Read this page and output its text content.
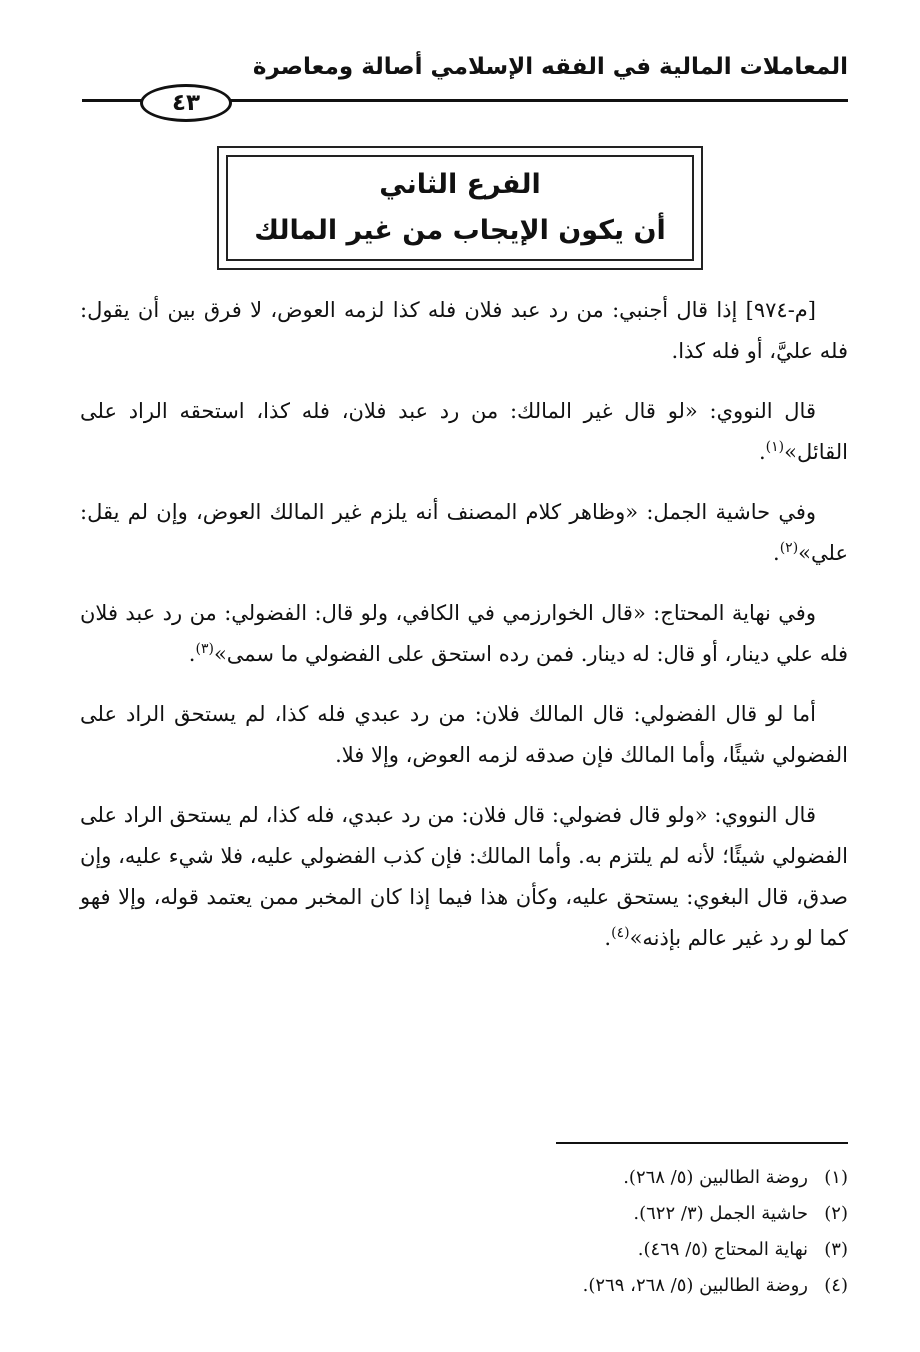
المعاملات المالية في الفقه الإسلامي أصالة ومعاصرة
٤٣
الفرع الثاني
أن يكون الإيجاب من غير المالك

[م-٩٧٤] إذا قال أجنبي: من رد عبد فلان فله كذا لزمه العوض، لا فرق بين أن يقول: فله عليَّ، أو فله كذا.

قال النووي: «لو قال غير المالك: من رد عبد فلان، فله كذا، استحقه الراد على القائل»$^{(١)}$.

وفي حاشية الجمل: «وظاهر كلام المصنف أنه يلزم غير المالك العوض، وإن لم يقل: علي»$^{(٢)}$.

وفي نهاية المحتاج: «قال الخوارزمي في الكافي، ولو قال: الفضولي: من رد عبد فلان فله علي دينار، أو قال: له دينار. فمن رده استحق على الفضولي ما سمى»$^{(٣)}$.

أما لو قال الفضولي: قال المالك فلان: من رد عبدي فله كذا، لم يستحق الراد على الفضولي شيئًا، وأما المالك فإن صدقه لزمه العوض، وإلا فلا.

قال النووي: «ولو قال فضولي: قال فلان: من رد عبدي، فله كذا، لم يستحق الراد على الفضولي شيئًا؛ لأنه لم يلتزم به. وأما المالك: فإن كذب الفضولي عليه، فلا شيء عليه، وإن صدق، قال البغوي: يستحق عليه، وكأن هذا فيما إذا كان المخبر ممن يعتمد قوله، وإلا فهو كما لو رد غير عالم بإذنه»$^{(٤)}$.

(١)روضة الطالبين (٥/ ٢٦٨).
(٢)حاشية الجمل (٣/ ٦٢٢).
(٣)نهاية المحتاج (٥/ ٤٦٩).
(٤)روضة الطالبين (٥/ ٢٦٨، ٢٦٩).
